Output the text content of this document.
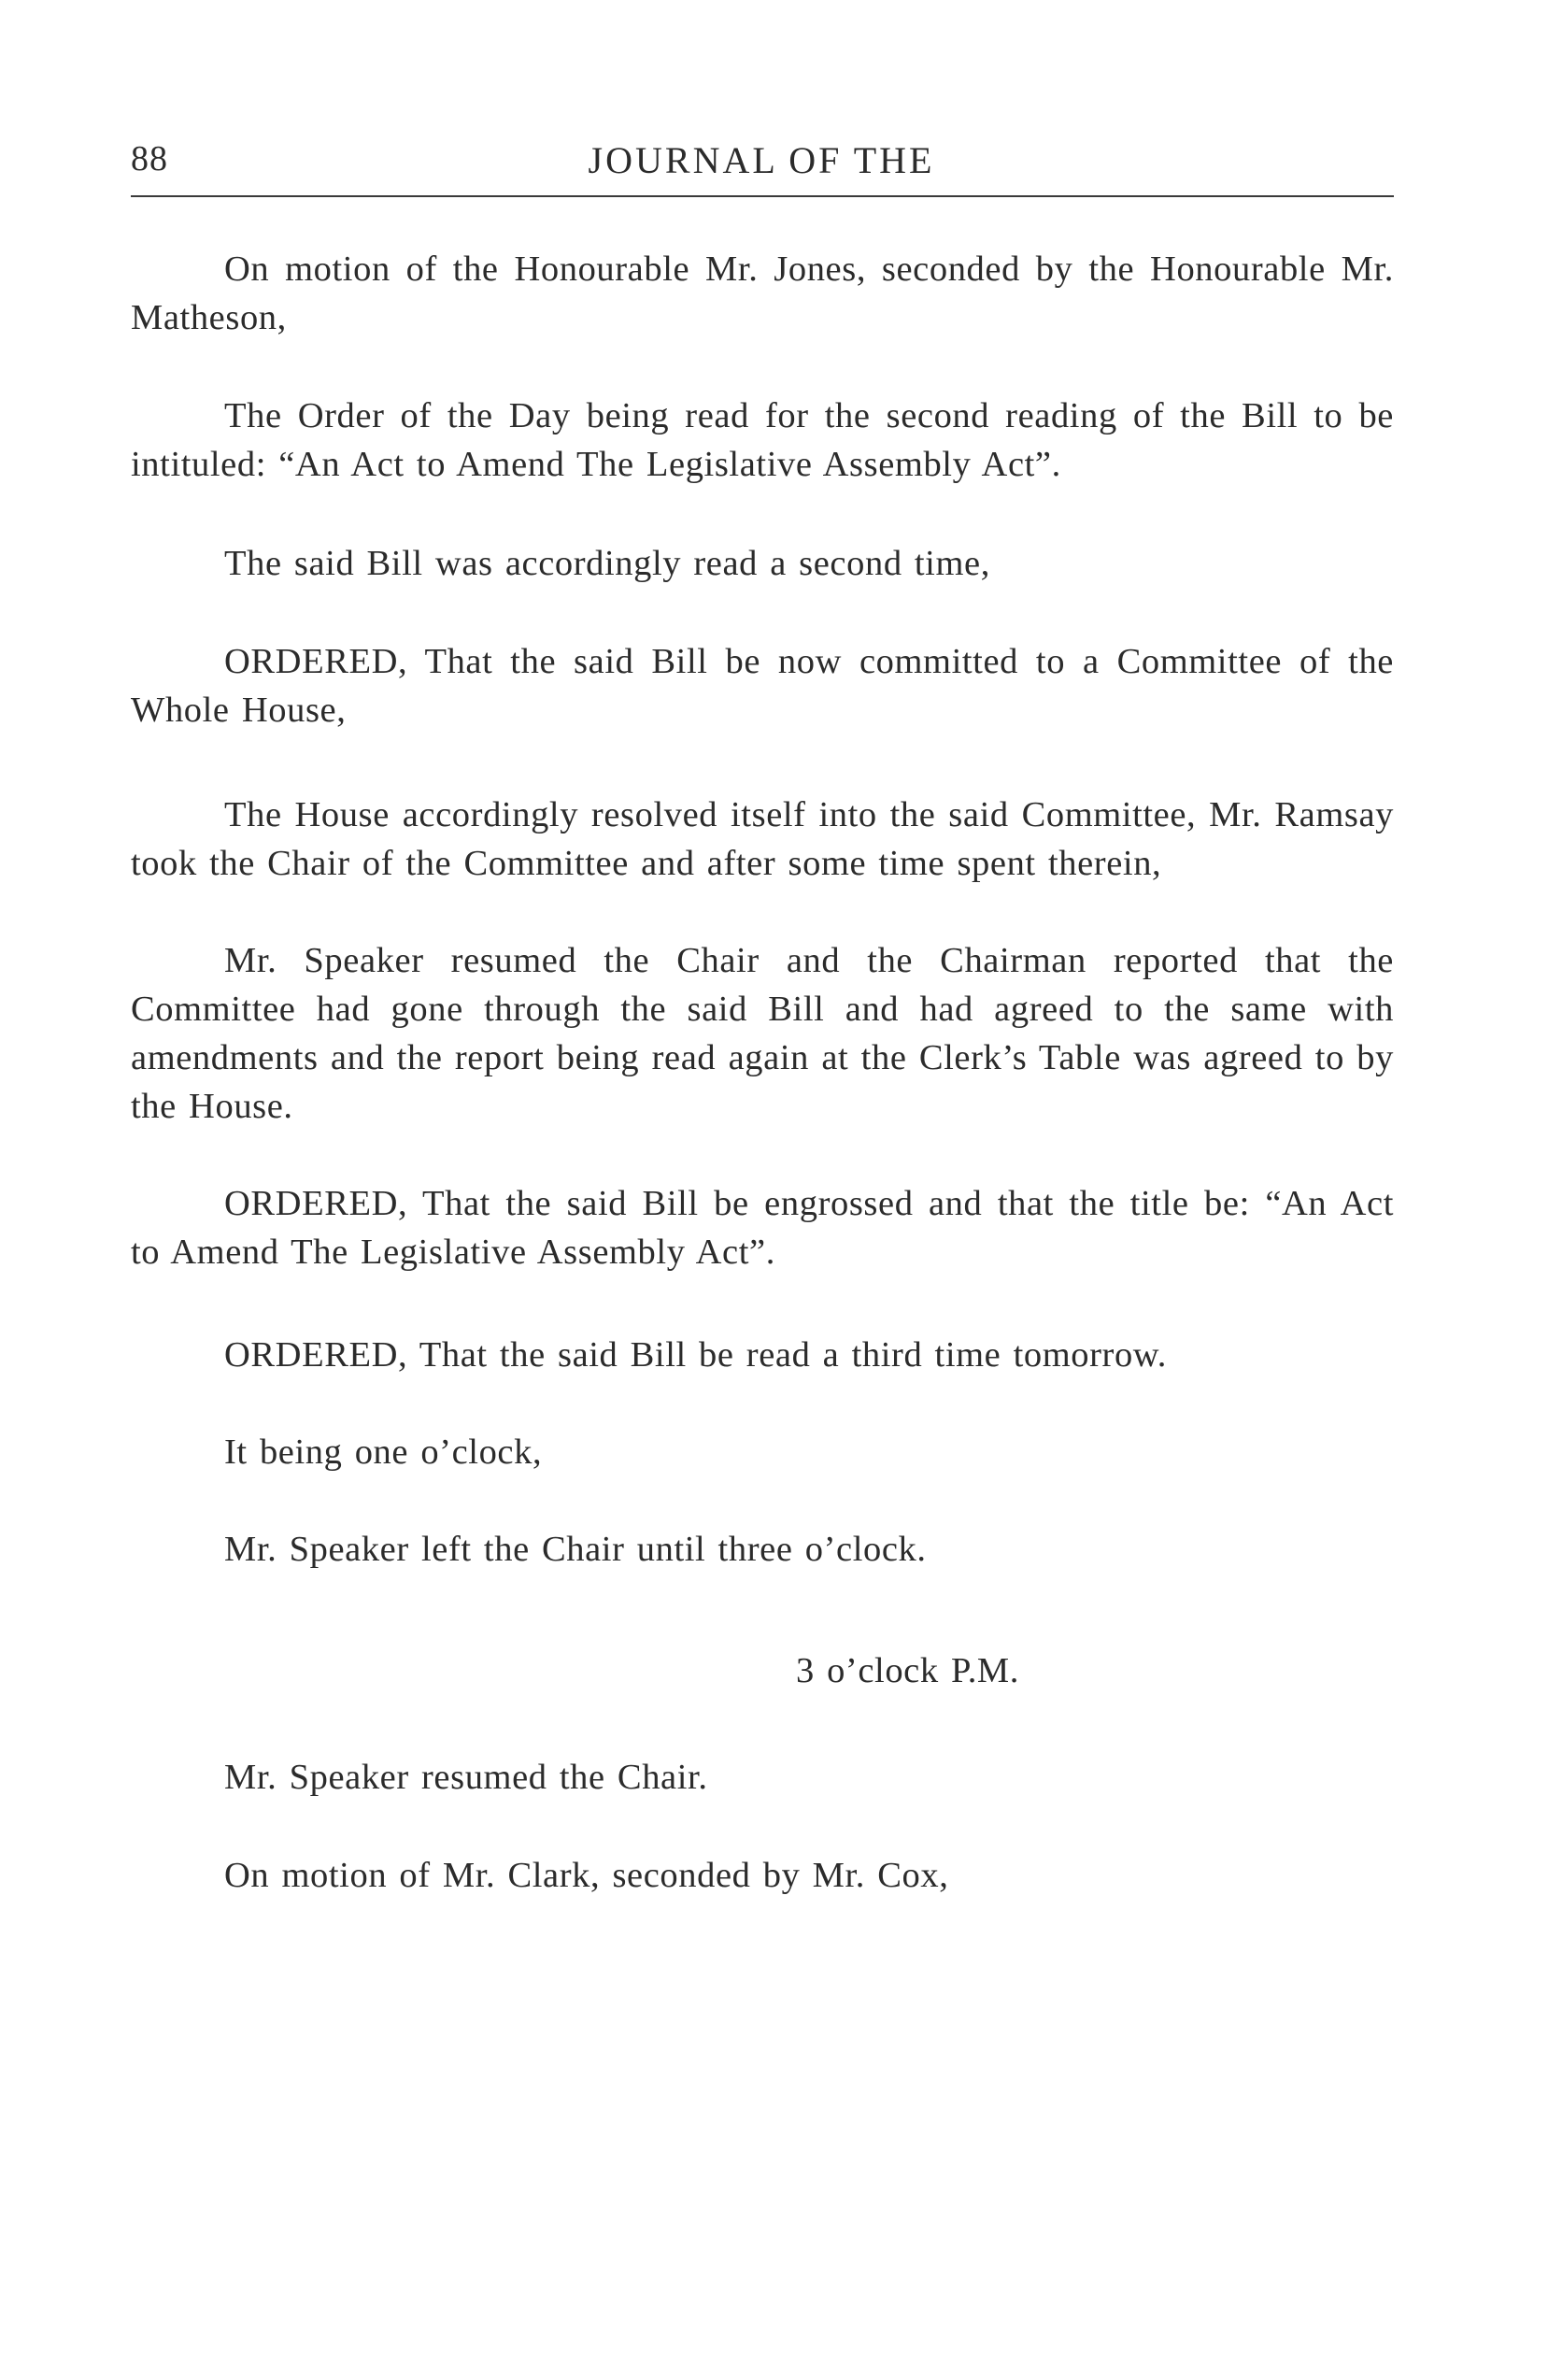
88	JOURNAL OF THE

On motion of the Honourable Mr. Jones, seconded by the Honourable Mr. Matheson,

The Order of the Day being read for the second reading of the Bill to be intituled: “An Act to Amend The Legislative Assembly Act”.

The said Bill was accordingly read a second time,

ORDERED, That the said Bill be now committed to a Committee of the Whole House,

The House accordingly resolved itself into the said Committee, Mr. Ramsay took the Chair of the Committee and after some time spent therein,

Mr. Speaker resumed the Chair and the Chairman reported that the Committee had gone through the said Bill and had agreed to the same with amendments and the report being read again at the Clerk’s Table was agreed to by the House.

ORDERED, That the said Bill be engrossed and that the title be: “An Act to Amend The Legislative Assembly Act”.

ORDERED, That the said Bill be read a third time tomorrow.

It being one o’clock,

Mr. Speaker left the Chair until three o’clock.

3 o’clock P.M.

Mr. Speaker resumed the Chair.

On motion of Mr. Clark, seconded by Mr. Cox,
